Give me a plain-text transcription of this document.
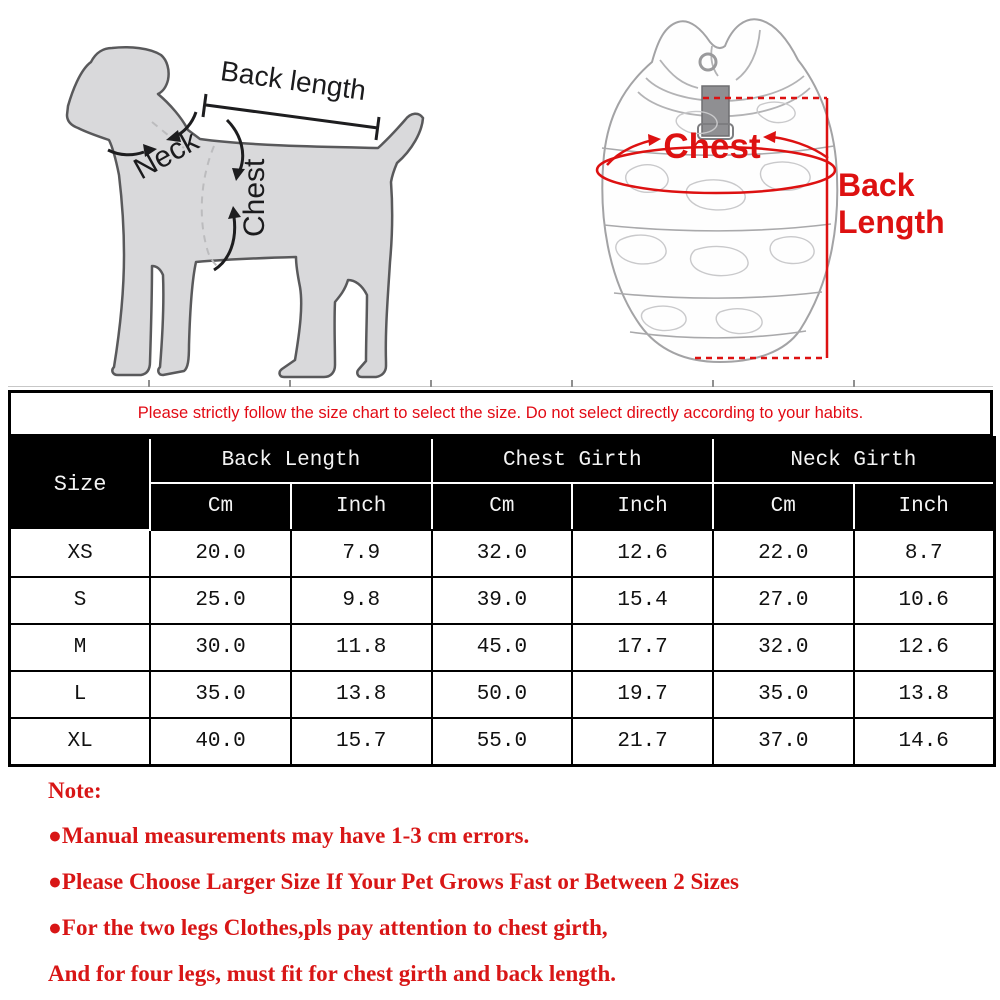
Back length
Neck
Chest
Chest
Back
Length
Please strictly follow the size chart to select the size. Do not select directly according to your habits.
Size	Back Length		Chest Girth		Neck Girth	
	Cm	Inch	Cm	Inch	Cm	Inch
XS	20.0	7.9	32.0	12.6	22.0	8.7
S	25.0	9.8	39.0	15.4	27.0	10.6
M	30.0	11.8	45.0	17.7	32.0	12.6
L	35.0	13.8	50.0	19.7	35.0	13.8
XL	40.0	15.7	55.0	21.7	37.0	14.6

Note:

●Manual measurements may have 1-3 cm errors.

●Please Choose Larger Size If Your Pet Grows Fast or Between 2 Sizes

●For the two legs Clothes,pls pay attention to chest girth,

And for four legs, must fit for chest girth and back length.
